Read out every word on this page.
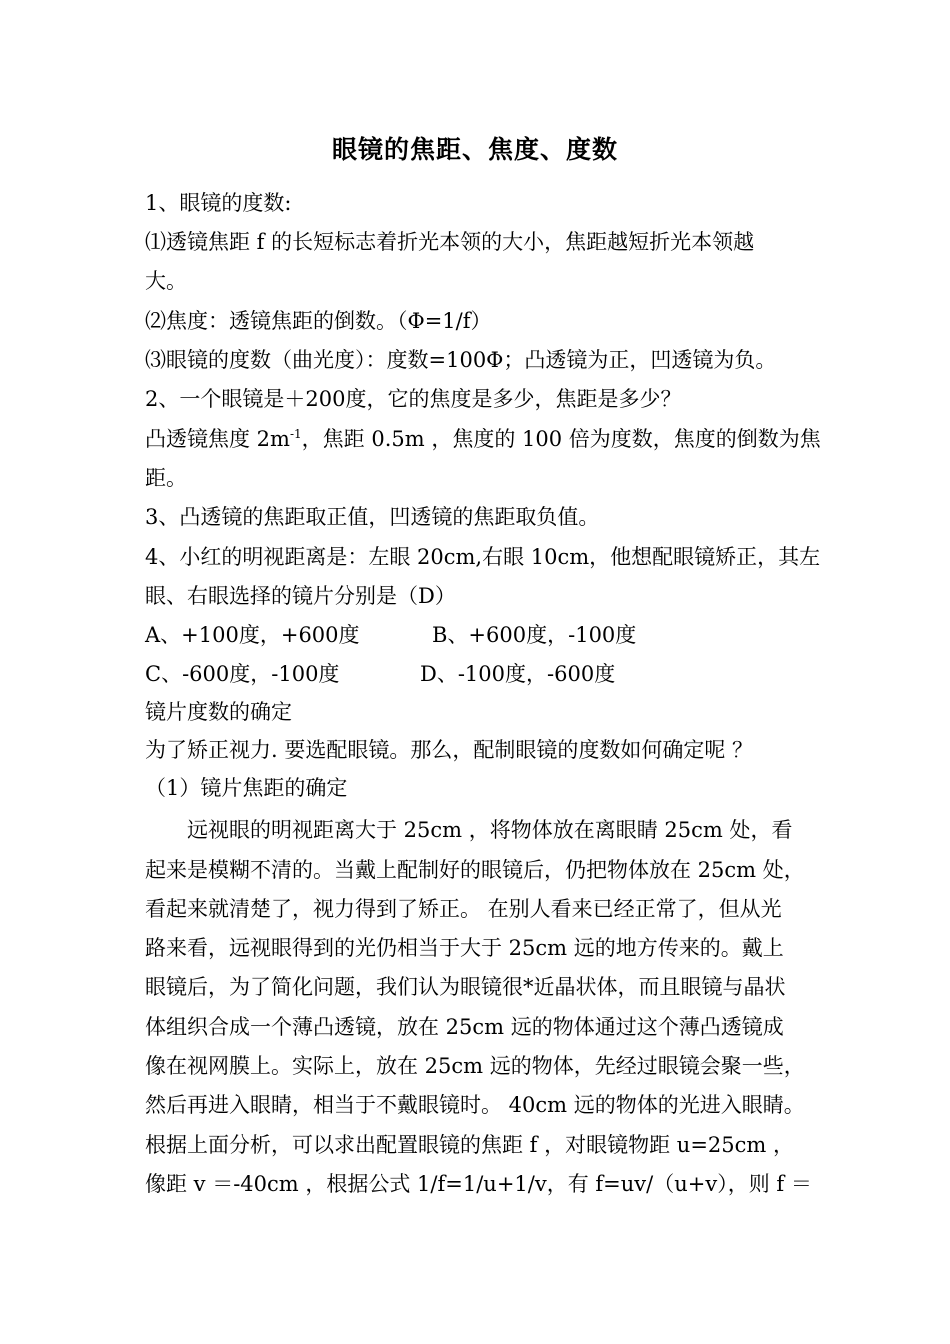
眼镜的焦距、焦度、度数
1、眼镜的度数:
⑴透镜焦距 f 的长短标志着折光本领的大小，焦距越短折光本领越
大。
⑵焦度：透镜焦距的倒数。（Φ=1/f）
⑶眼镜的度数（曲光度）：度数=100Φ；凸透镜为正，凹透镜为负。
2、一个眼镜是＋200度，它的焦度是多少，焦距是多少？
凸透镜焦度 $2m^{-1}$，焦距 0.5m ，焦度的 100 倍为度数，焦度的倒数为焦
距。
3、凸透镜的焦距取正值，凹透镜的焦距取负值。
4、小红的明视距离是：左眼 20cm,右眼 10cm，他想配眼镜矫正，其左
眼、右眼选择的镜片分别是（D）
A、+100度，+600度	B、+600度，-100度
C、-600度，-100度	D、-100度，-600度
镜片度数的确定
为了矫正视力. 要选配眼镜。那么，配制眼镜的度数如何确定呢 ？
（1）镜片焦距的确定
远视眼的明视距离大于 25cm ，将物体放在离眼睛 25cm 处，看
起来是模糊不清的。当戴上配制好的眼镜后，仍把物体放在 25cm 处，
看起来就清楚了，视力得到了矫正。 在别人看来已经正常了，但从光
路来看，远视眼得到的光仍相当于大于 25cm 远的地方传来的。戴上
眼镜后，为了简化问题，我们认为眼镜很*近晶状体，而且眼镜与晶状
体组织合成一个薄凸透镜，放在 25cm 远的物体通过这个薄凸透镜成
像在视网膜上。实际上，放在 25cm 远的物体，先经过眼镜会聚一些，
然后再进入眼睛，相当于不戴眼镜时。 40cm 远的物体的光进入眼睛。
根据上面分析，可以求出配置眼镜的焦距 f ，对眼镜物距 u=25cm ，
像距 v ＝-40cm ，根据公式 1/f=1/u+1/v，有 f=uv/（u+v），则 f ＝
